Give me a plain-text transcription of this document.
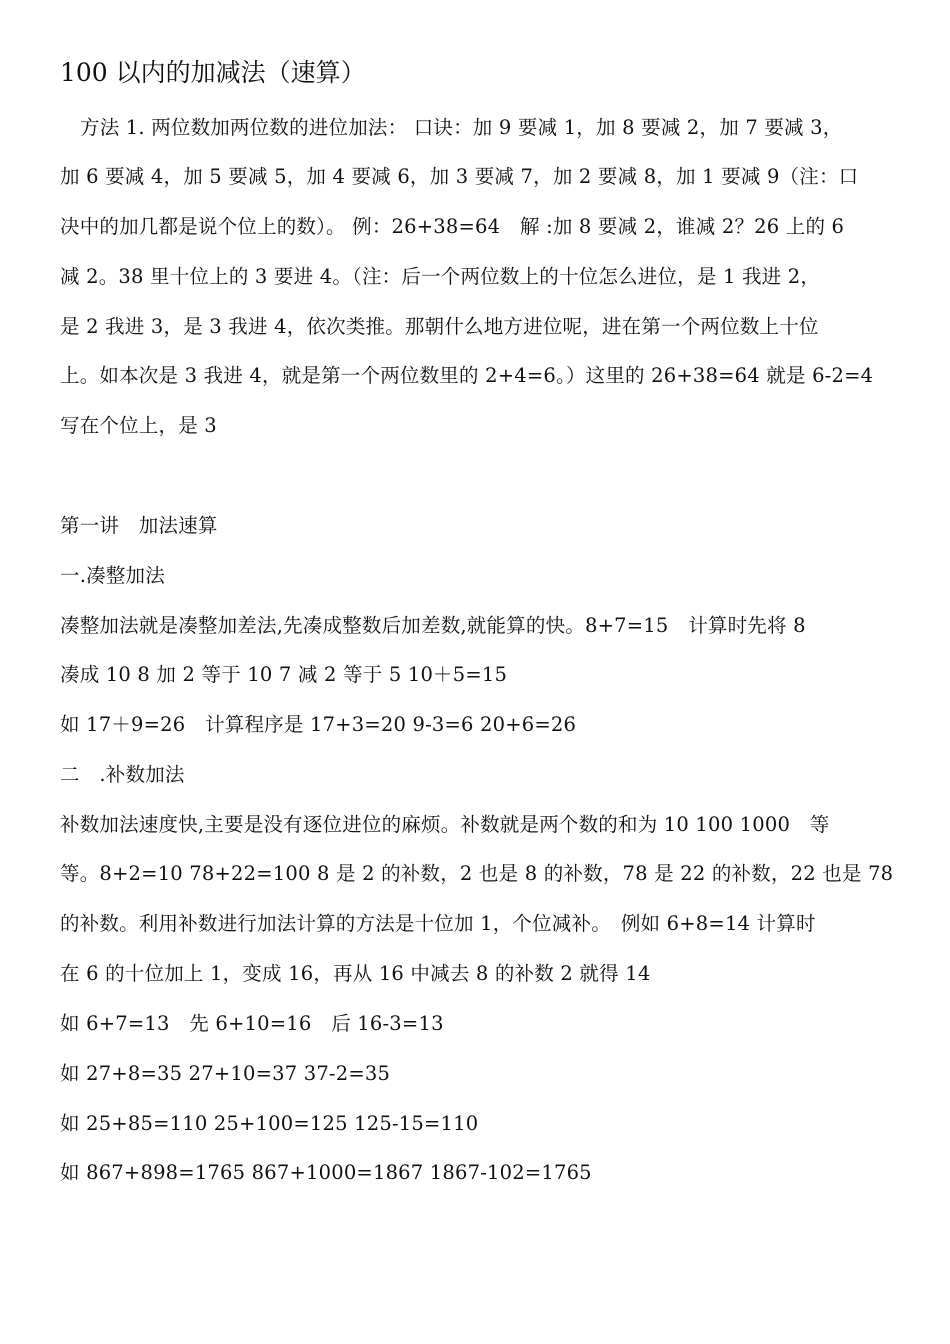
100 以内的加减法（速算）
方法 1. 两位数加两位数的进位加法： 口诀：加 9 要减 1，加 8 要减 2，加 7 要减 3，
加 6 要减 4，加 5 要减 5，加 4 要减 6，加 3 要减 7，加 2 要减 8，加 1 要减 9（注：口
决中的加几都是说个位上的数）。 例：26+38=64　解 :加 8 要减 2，谁减 2？26 上的 6
减 2。38 里十位上的 3 要进 4。（注：后一个两位数上的十位怎么进位，是 1 我进 2，
是 2 我进 3，是 3 我进 4，依次类推。那朝什么地方进位呢，进在第一个两位数上十位
上。如本次是 3 我进 4，就是第一个两位数里的 2+4=6。）这里的 26+38=64 就是 6-2=4
写在个位上，是 3
第一讲　加法速算
一.凑整加法
凑整加法就是凑整加差法,先凑成整数后加差数,就能算的快。8+7=15　计算时先将 8
凑成 10 8 加 2 等于 10 7 减 2 等于 5 10＋5=15
如 17＋9=26　计算程序是 17+3=20 9-3=6 20+6=26
二　.补数加法
补数加法速度快,主要是没有逐位进位的麻烦。补数就是两个数的和为 10 100 1000　等
等。8+2=10 78+22=100 8 是 2 的补数，2 也是 8 的补数，78 是 22 的补数，22 也是 78
的补数。利用补数进行加法计算的方法是十位加 1，个位减补。　例如 6+8=14 计算时
在 6 的十位加上 1，变成 16，再从 16 中减去 8 的补数 2 就得 14
如 6+7=13　先 6+10=16　后 16-3=13
如 27+8=35 27+10=37 37-2=35
如 25+85=110 25+100=125 125-15=110
如 867+898=1765 867+1000=1867 1867-102=1765
